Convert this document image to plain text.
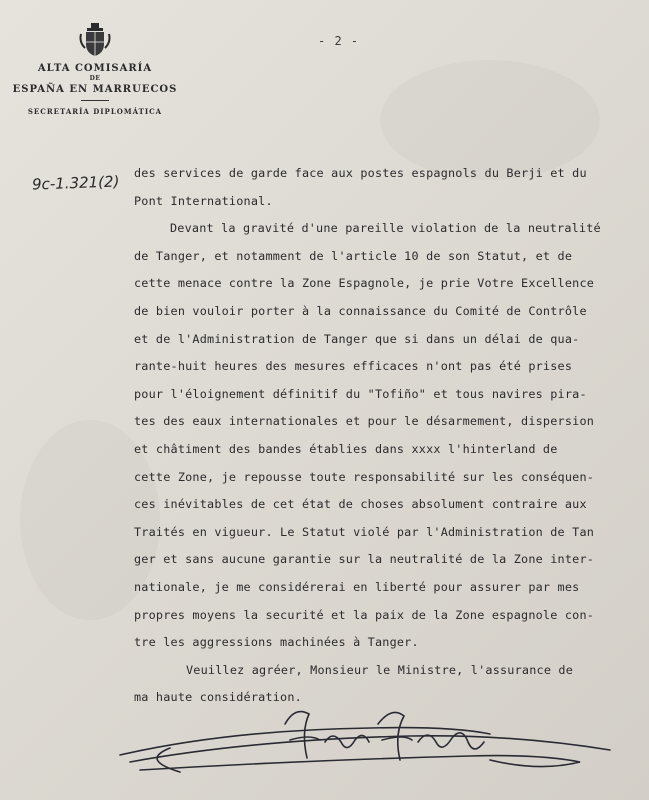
ALTA COMISARÍA
DE
ESPAÑA EN MARRUECOS
SECRETARÍA DIPLOMÁTICA
- 2 -
9c-1.321(2) des services de garde face aux postes espagnols du Berji et du
Pont International.
Devant la gravité d'une pareille violation de la neutralité
de Tanger, et notamment de l'article 10 de son Statut, et de
cette menace contre la Zone Espagnole, je prie Votre Excellence
de bien vouloir porter à la connaissance du Comité de Contrôle
et de l'Administration de Tanger que si dans un délai de qua-
rante-huit heures des mesures efficaces n'ont pas été prises
pour l'éloignement définitif du "Tofiño" et tous navires pira-
tes des eaux internationales et pour le désarmement, dispersion
et châtiment des bandes établies dans xxxx l'hinterland de
cette Zone, je repousse toute responsabilité sur les conséquen-
ces inévitables de cet état de choses absolument contraire aux
Traités en vigueur. Le Statut violé par l'Administration de Tan
ger et sans aucune garantie sur la neutralité de la Zone inter-
nationale, je me considérerai en liberté pour assurer par mes
propres moyens la securité et la paix de la Zone espagnole con-
tre les aggressions machinées à Tanger.
Veuillez agréer, Monsieur le Ministre, l'assurance de
ma haute considération.
